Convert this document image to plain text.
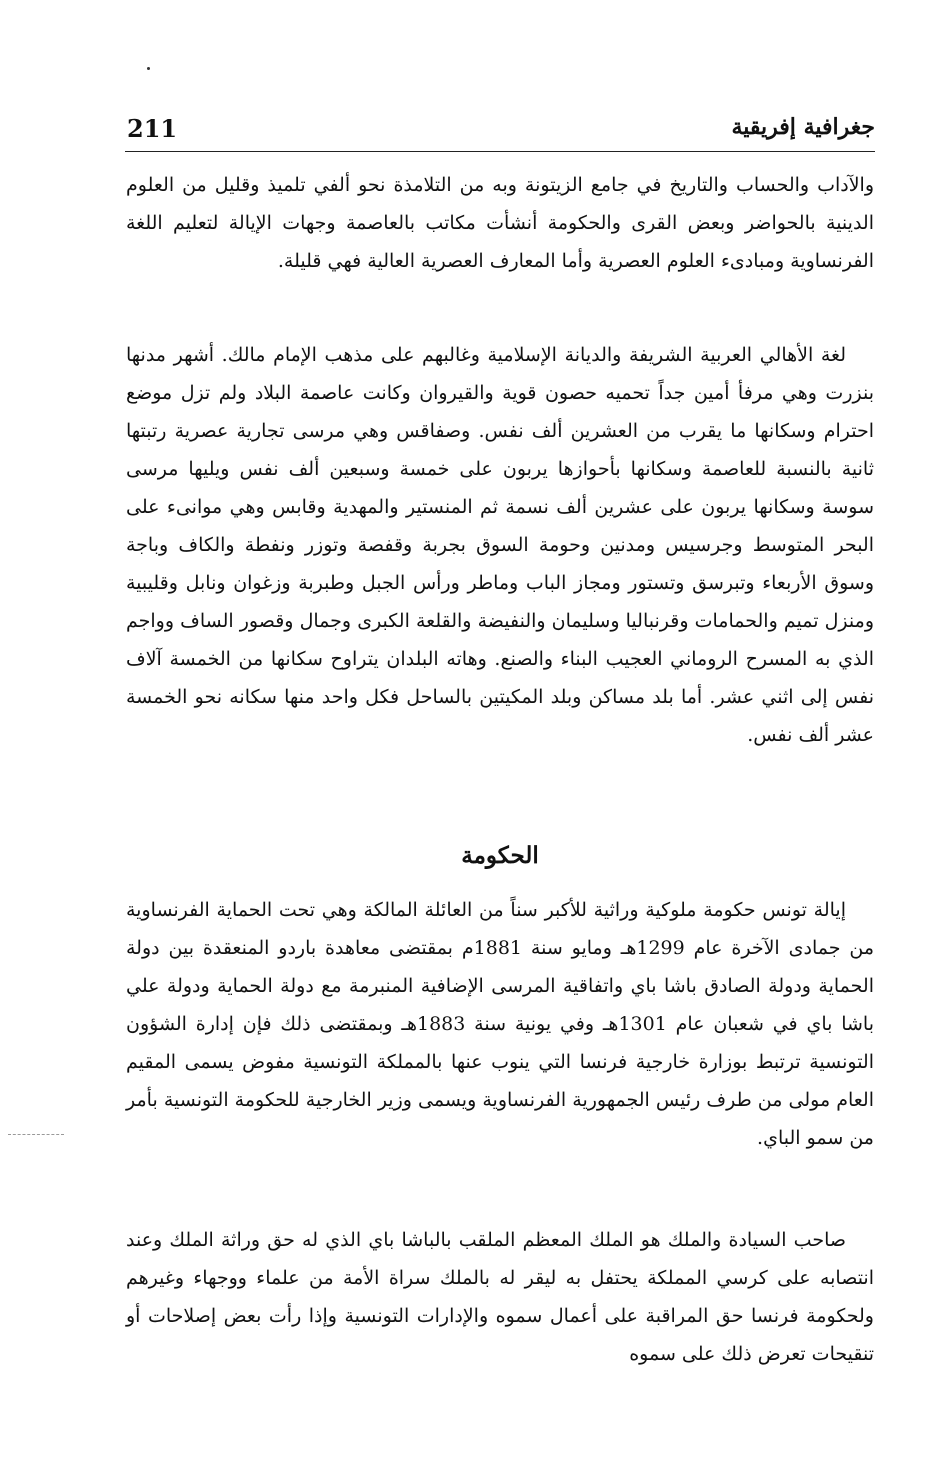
211	جغرافية إفريقية

والآداب والحساب والتاريخ في جامع الزيتونة وبه من التلامذة نحو ألفي تلميذ وقليل من العلوم الدينية بالحواضر وبعض القرى والحكومة أنشأت مكاتب بالعاصمة وجهات الإيالة لتعليم اللغة الفرنساوية ومبادىء العلوم العصرية وأما المعارف العصرية العالية فهي قليلة.

لغة الأهالي العربية الشريفة والديانة الإسلامية وغالبهم على مذهب الإمام مالك. أشهر مدنها بنزرت وهي مرفأ أمين جداً تحميه حصون قوية والقيروان وكانت عاصمة البلاد ولم تزل موضع احترام وسكانها ما يقرب من العشرين ألف نفس. وصفاقس وهي مرسى تجارية عصرية رتبتها ثانية بالنسبة للعاصمة وسكانها بأحوازها يربون على خمسة وسبعين ألف نفس ويليها مرسى سوسة وسكانها يربون على عشرين ألف نسمة ثم المنستير والمهدية وقابس وهي موانىء على البحر المتوسط وجرسيس ومدنين وحومة السوق بجربة وقفصة وتوزر ونفطة والكاف وباجة وسوق الأربعاء وتبرسق وتستور ومجاز الباب وماطر ورأس الجبل وطبربة وزغوان ونابل وقليبية ومنزل تميم والحمامات وقرنباليا وسليمان والنفيضة والقلعة الكبرى وجمال وقصور الساف وواجم الذي به المسرح الروماني العجيب البناء والصنع. وهاته البلدان يتراوح سكانها من الخمسة آلاف نفس إلى اثني عشر. أما بلد مساكن وبلد المكيتين بالساحل فكل واحد منها سكانه نحو الخمسة عشر ألف نفس.

الحكومة

إيالة تونس حكومة ملوكية وراثية للأكبر سناً من العائلة المالكة وهي تحت الحماية الفرنساوية من جمادى الآخرة عام 1299هـ ومايو سنة 1881م بمقتضى معاهدة باردو المنعقدة بين دولة الحماية ودولة الصادق باشا باي واتفاقية المرسى الإضافية المنبرمة مع دولة الحماية ودولة علي باشا باي في شعبان عام 1301هـ وفي يونية سنة 1883هـ وبمقتضى ذلك فإن إدارة الشؤون التونسية ترتبط بوزارة خارجية فرنسا التي ينوب عنها بالمملكة التونسية مفوض يسمى المقيم العام مولى من طرف رئيس الجمهورية الفرنساوية ويسمى وزير الخارجية للحكومة التونسية بأمر من سمو الباي.

صاحب السيادة والملك هو الملك المعظم الملقب بالباشا باي الذي له حق وراثة الملك وعند انتصابه على كرسي المملكة يحتفل به ليقر له بالملك سراة الأمة من علماء ووجهاء وغيرهم ولحكومة فرنسا حق المراقبة على أعمال سموه والإدارات التونسية وإذا رأت بعض إصلاحات أو تنقيحات تعرض ذلك على سموه
